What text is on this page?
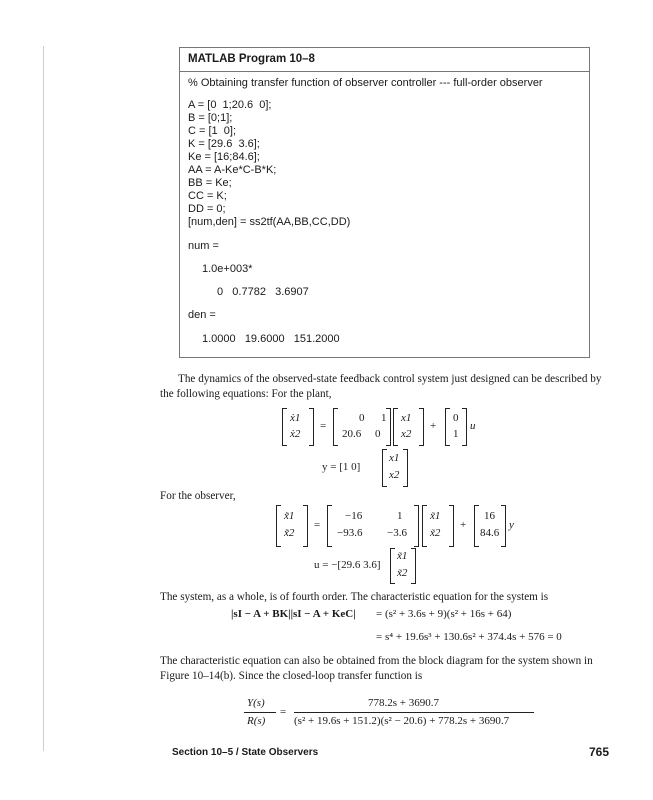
MATLAB Program 10–8
% Obtaining transfer function of observer controller --- full-order observer
A = [0  1;20.6  0];
B = [0;1];
C = [1  0];
K = [29.6  3.6];
Ke = [16;84.6];
AA = A-Ke*C-B*K;
BB = Ke;
CC = K;
DD = 0;
[num,den] = ss2tf(AA,BB,CC,DD)
num =
1.0e+003*
0   0.7782   3.6907
den =
1.0000   19.6000   151.2000
The dynamics of the observed-state feedback control system just designed can be described by the following equations: For the plant,
ẋ1
ẋ2
=
0 1
20.6 0
x1
x2
+
0
1
u
y = [1 0]
x1
x2
For the observer,
x̃̇1
x̃̇2
=
−16	1
−93.6 −3.6
x̃1
x̃2
+
16
84.6
y
u = −[29.6 3.6]
x̃1
x̃2
The system, as a whole, is of fourth order. The characteristic equation for the system is
|sI − A + BK||sI − A + KeC| = (s² + 3.6s + 9)(s² + 16s + 64)
= s⁴ + 19.6s³ + 130.6s² + 374.4s + 576 = 0
The characteristic equation can also be obtained from the block diagram for the system shown in Figure 10–14(b). Since the closed-loop transfer function is
Y(s)
R(s)
=
778.2s + 3690.7
(s² + 19.6s + 151.2)(s² − 20.6) + 778.2s + 3690.7
Section 10–5 / State Observers	765
